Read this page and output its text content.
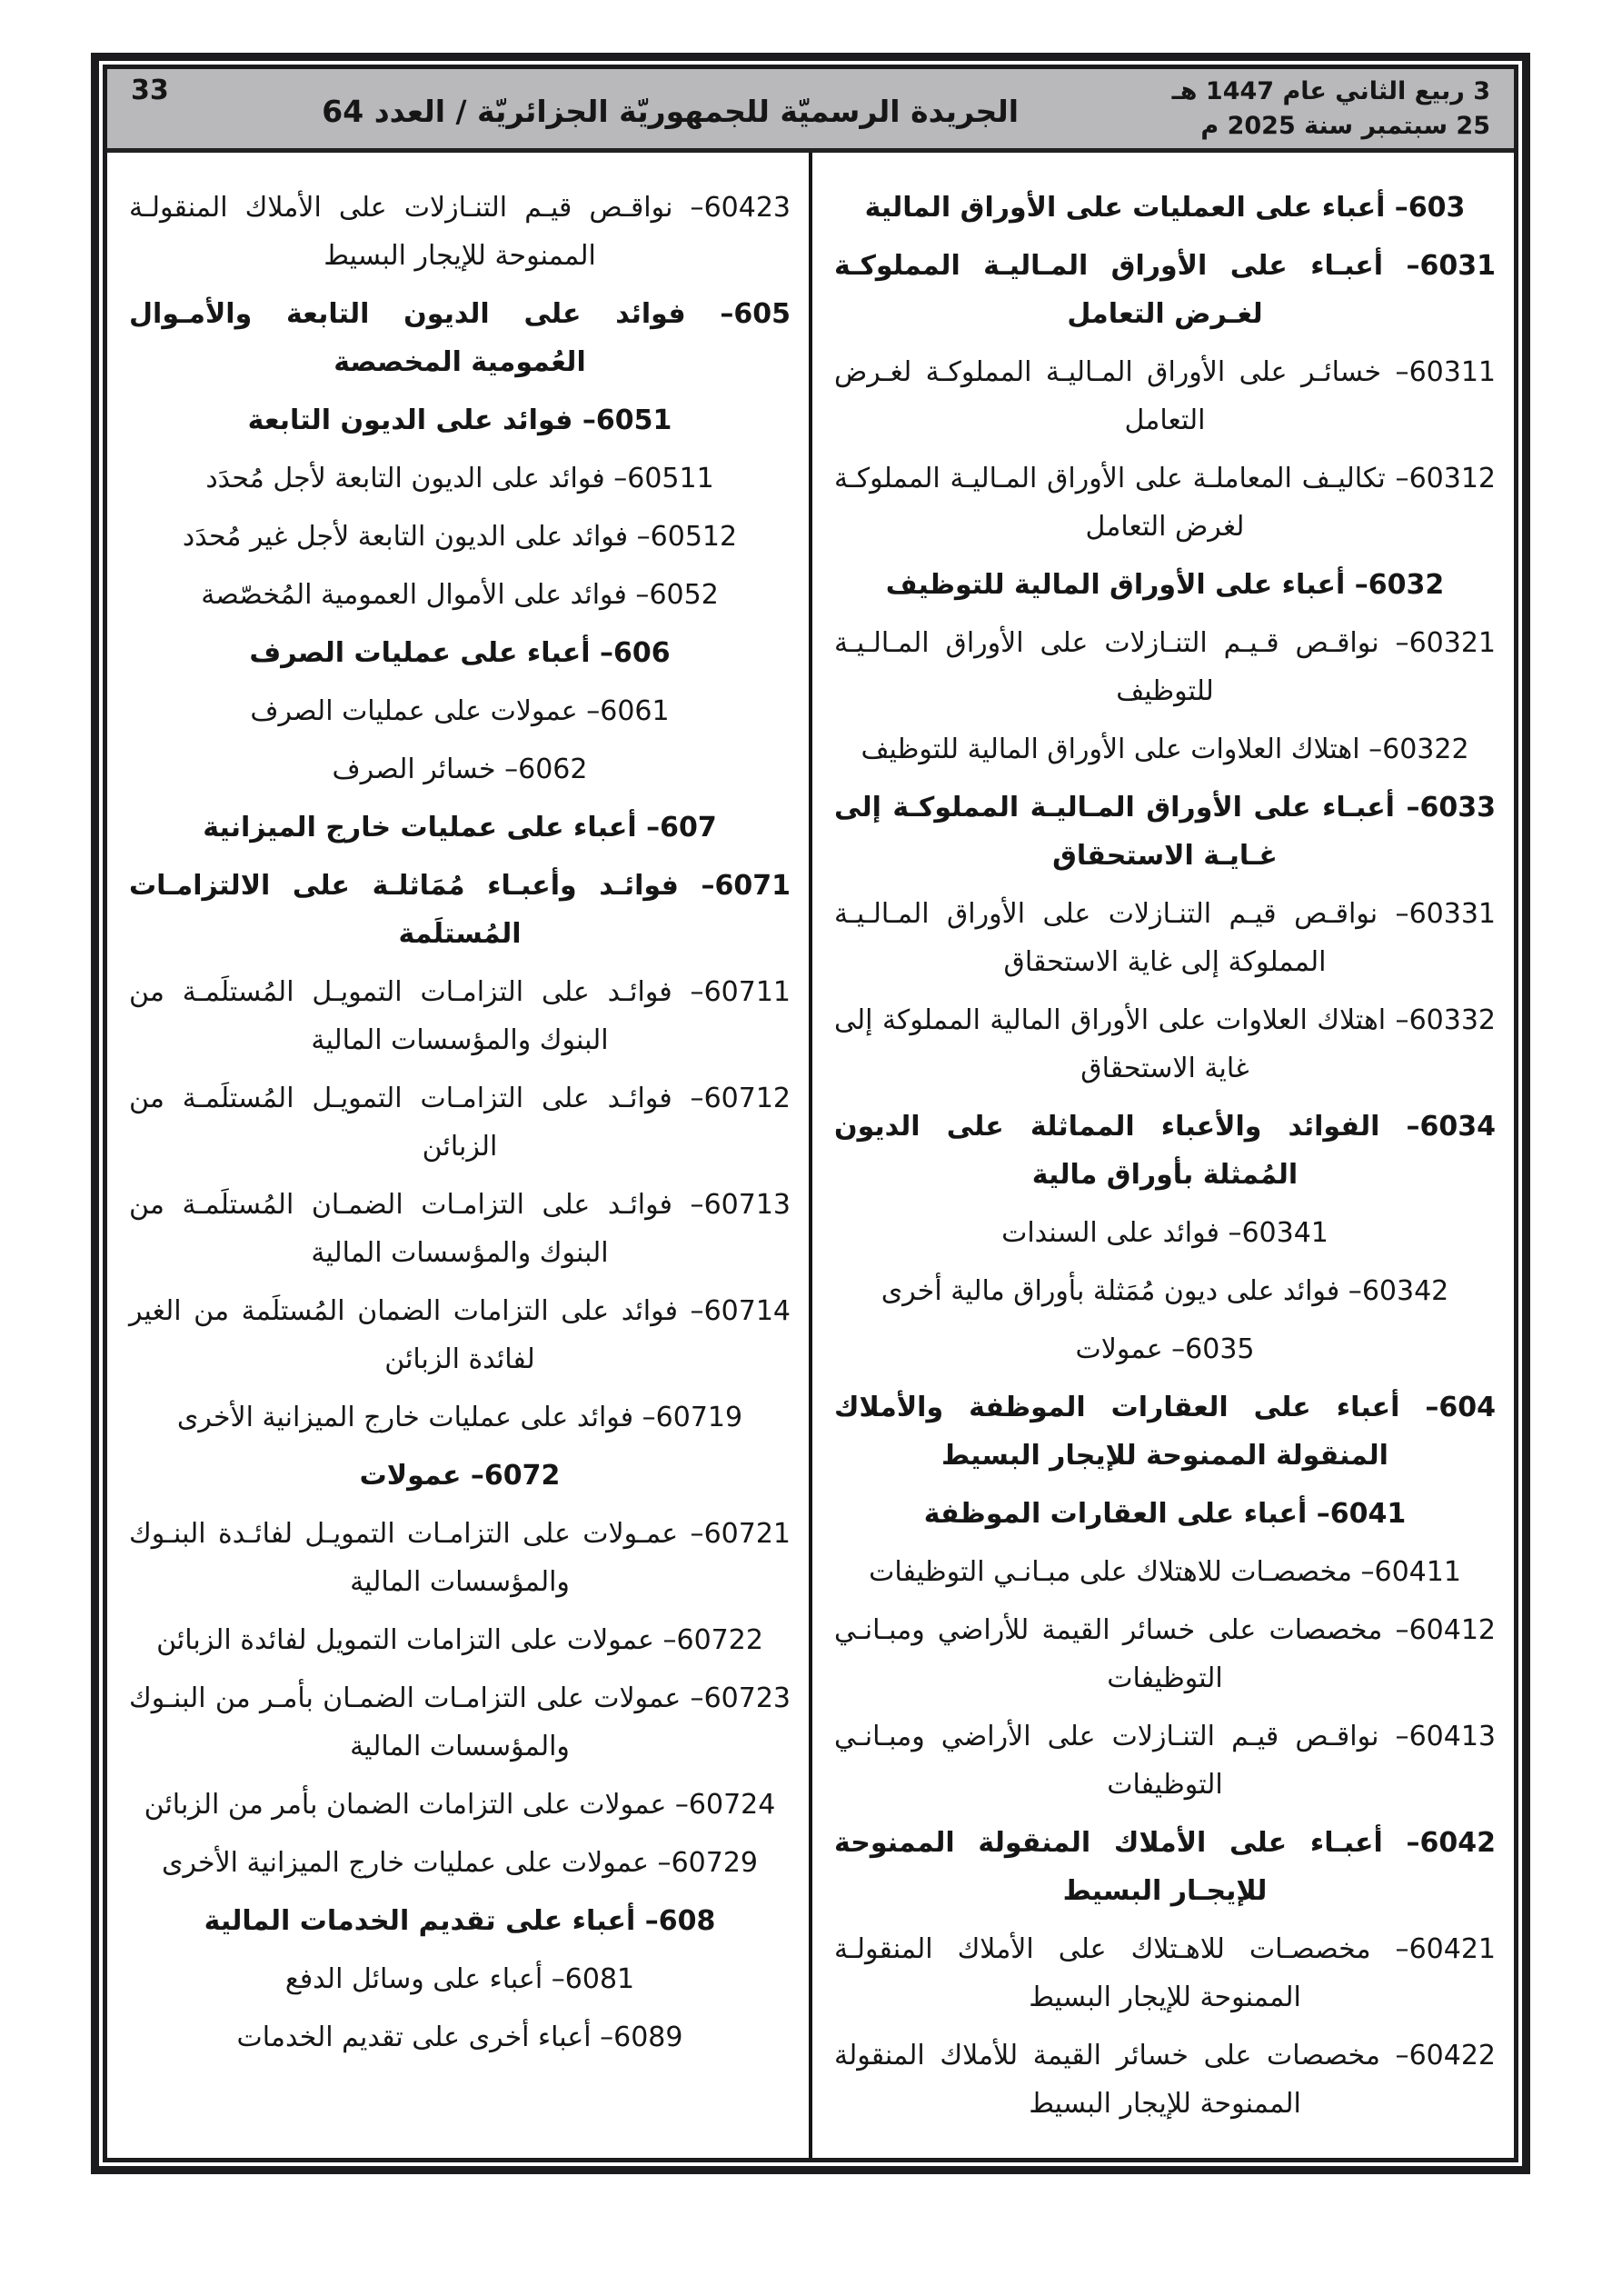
3 ربيع الثاني عام 1447 هـ
25 سبتمبر سنة 2025 م
الجريدة الرسميّة للجمهوريّة الجزائريّة / العدد 64
33

603– أعباء على العمليات على الأوراق المالية

6031– أعبـاء على الأوراق المـاليـة المملوكـة لغـرض التعامل

60311– خسائـر على الأوراق المـاليـة المملوكـة لغـرض التعامل

60312– تكاليـف المعاملـة على الأوراق المـاليـة المملوكـة لغرض التعامل

6032– أعباء على الأوراق المالية للتوظيف

60321– نواقـص قـيـم التنـازلات على الأوراق المـالـيـة للتوظيف

60322– اهتلاك العلاوات على الأوراق المالية للتوظيف

6033– أعبـاء على الأوراق المـاليـة المملوكـة إلى غـايـة الاستحقاق

60331– نواقـص قيـم التنـازلات على الأوراق المـالـيـة المملوكة إلى غاية الاستحقاق

60332– اهتلاك العلاوات على الأوراق المالية المملوكة إلى غاية الاستحقاق

6034– الفوائد والأعباء المماثلة على الديون المُمثلة بأوراق مالية

60341– فوائد على السندات

60342– فوائد على ديون مُمَثلة بأوراق مالية أخرى

6035– عمولات

604– أعباء على العقارات الموظفة والأملاك المنقولة الممنوحة للإيجار البسيط

6041– أعباء على العقارات الموظفة

60411– مخصصـات للاهتلاك على مبـانـي التوظيفات

60412– مخصصات على خسائر القيمة للأراضي ومبـانـي التوظيفات

60413– نواقـص قيـم التنـازلات على الأراضي ومبـانـي التوظيفات

6042– أعبـاء على الأملاك المنقولة الممنوحة للإيجـار البسيط

60421– مخصصـات للاهـتلاك على الأملاك المنقولـة الممنوحة للإيجار البسيط

60422– مخصصات على خسائر القيمة للأملاك المنقولة الممنوحة للإيجار البسيط

60423– نواقـص قيـم التنـازلات على الأملاك المنقولـة الممنوحة للإيجار البسيط

605– فوائد على الديون التابعة والأمـوال العُمومية المخصصة

6051– فوائد على الديون التابعة

60511– فوائد على الديون التابعة لأجل مُحدَد

60512– فوائد على الديون التابعة لأجل غير مُحدَد

6052– فوائد على الأموال العمومية المُخصّصة

606– أعباء على عمليات الصرف

6061– عمولات على عمليات الصرف

6062– خسائر الصرف

607– أعباء على عمليات خارج الميزانية

6071– فوائـد وأعبـاء مُمَاثلـة على الالتزامـات المُستلَمة

60711– فوائـد على التزامـات التمويـل المُستلَمـة من البنوك والمؤسسات المالية

60712– فوائـد على التزامـات التمويـل المُستلَمـة من الزبائن

60713– فوائـد على التزامـات الضمـان المُستلَمـة من البنوك والمؤسسات المالية

60714– فوائد على التزامات الضمان المُستلَمة من الغير لفائدة الزبائن

60719– فوائد على عمليات خارج الميزانية الأخرى

6072– عمولات

60721– عمـولات على التزامـات التمويـل لفائـدة البنـوك والمؤسسات المالية

60722– عمولات على التزامات التمويل لفائدة الزبائن

60723– عمولات على التزامـات الضمـان بأمـر من البنـوك والمؤسسات المالية

60724– عمولات على التزامات الضمان بأمر من الزبائن

60729– عمولات على عمليات خارج الميزانية الأخرى

608– أعباء على تقديم الخدمات المالية

6081– أعباء على وسائل الدفع

6089– أعباء أخرى على تقديم الخدمات
